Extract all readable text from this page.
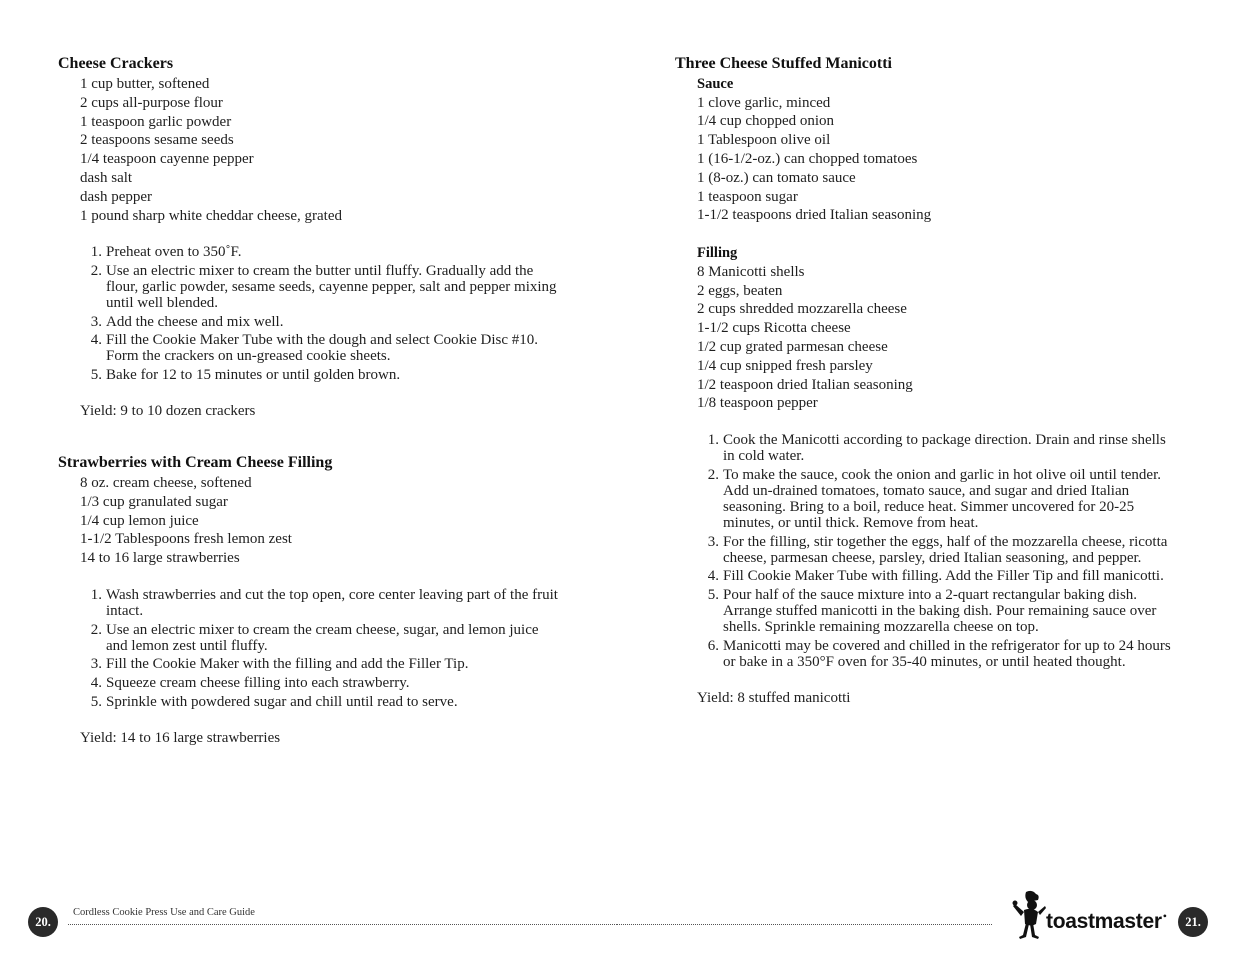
Cheese Crackers
1 cup butter, softened
2 cups all-purpose flour
1 teaspoon garlic powder
2 teaspoons sesame seeds
1/4 teaspoon cayenne pepper
dash salt
dash pepper
1 pound sharp white cheddar cheese, grated
1. Preheat oven to 350˚F.
2. Use an electric mixer to cream the butter until fluffy. Gradually add the flour, garlic powder, sesame seeds, cayenne pepper, salt and pepper mixing until well blended.
3. Add the cheese and mix well.
4. Fill the Cookie Maker Tube with the dough and select Cookie Disc #10. Form the crackers on un-greased cookie sheets.
5. Bake for 12 to 15 minutes or until golden brown.
Yield: 9 to 10 dozen crackers
Strawberries with Cream Cheese Filling
8 oz. cream cheese, softened
1/3 cup granulated sugar
1/4 cup lemon juice
1-1/2 Tablespoons fresh lemon zest
14 to 16 large strawberries
1. Wash strawberries and cut the top open, core center leaving part of the fruit intact.
2. Use an electric mixer to cream the cream cheese, sugar, and lemon juice and lemon zest until fluffy.
3. Fill the Cookie Maker with the filling and add the Filler Tip.
4. Squeeze cream cheese filling into each strawberry.
5. Sprinkle with powdered sugar and chill until read to serve.
Yield: 14 to 16 large strawberries
20.
Cordless Cookie Press Use and Care Guide
Three Cheese Stuffed Manicotti
Sauce
1 clove garlic, minced
1/4 cup chopped onion
1 Tablespoon olive oil
1 (16-1/2-oz.) can chopped tomatoes
1 (8-oz.) can tomato sauce
1 teaspoon sugar
1-1/2 teaspoons dried Italian seasoning
Filling
8 Manicotti shells
2 eggs, beaten
2 cups shredded mozzarella cheese
1-1/2 cups Ricotta cheese
1/2 cup grated parmesan cheese
1/4 cup snipped fresh parsley
1/2 teaspoon dried Italian seasoning
1/8 teaspoon pepper
1. Cook the Manicotti according to package direction. Drain and rinse shells in cold water.
2. To make the sauce, cook the onion and garlic in hot olive oil until tender. Add un-drained tomatoes, tomato sauce, and sugar and dried Italian seasoning. Bring to a boil, reduce heat. Simmer uncovered for 20-25 minutes, or until thick. Remove from heat.
3. For the filling, stir together the eggs, half of the mozzarella cheese, ricotta cheese, parmesan cheese, parsley, dried Italian seasoning, and pepper.
4. Fill Cookie Maker Tube with filling. Add the Filler Tip and fill manicotti.
5. Pour half of the sauce mixture into a 2-quart rectangular baking dish. Arrange stuffed manicotti in the baking dish. Pour remaining sauce over shells. Sprinkle remaining mozzarella cheese on top.
6. Manicotti may be covered and chilled in the refrigerator for up to 24 hours or bake in a 350°F oven for 35-40 minutes, or until heated thought.
Yield: 8 stuffed manicotti
toastmaster •	21.
